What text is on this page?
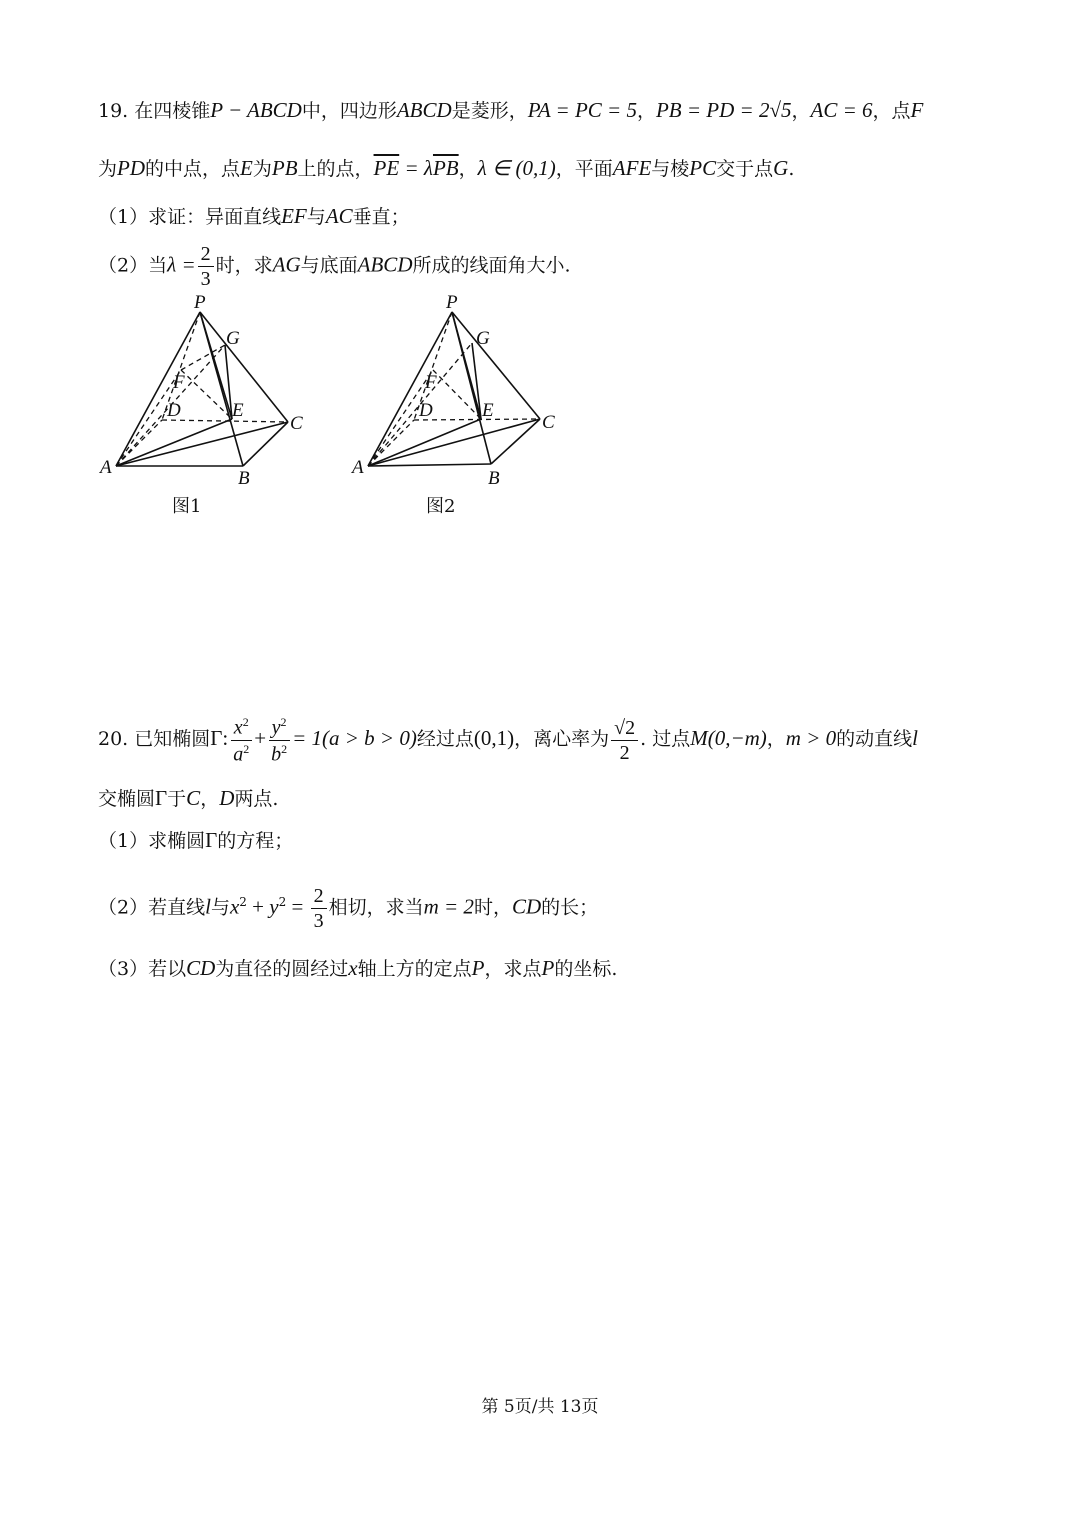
19. 在四棱锥P − ABCD中，四边形ABCD是菱形，PA = PC = 5，PB = PD = 2√5，AC = 6，点F
为PD的中点，点E为PB上的点，$\overline{PE} = \lambda\overline{PB}$，λ ∈ (0,1)，平面AFE与棱PC交于点G.
（1）求证：异面直线EF与AC垂直；
（2）当$\lambda = \frac{2}{3}$ 时，求AG与底面ABCD所成的线面角大小.
P
G
F
D	E
C
A
B
图1
P
G
F
D	E
C
A
B
图2
20. 已知椭圆Γ: $\frac{x^2}{a^2} + \frac{y^2}{b^2} = 1(a > b > 0)$经过点(0,1)，离心率为 $\frac{√2}{2}$ . 过点M(0,−m)，m > 0的动直线l
交椭圆Γ于C，D两点.
（1）求椭圆Γ的方程；
（2）若直线l与$x^2 + y^2 = \frac{2}{3}$ 相切，求当m = 2时，CD的长；
（3）若以CD为直径的圆经过x轴上方的定点P，求点P的坐标.
第 5页/共 13页
